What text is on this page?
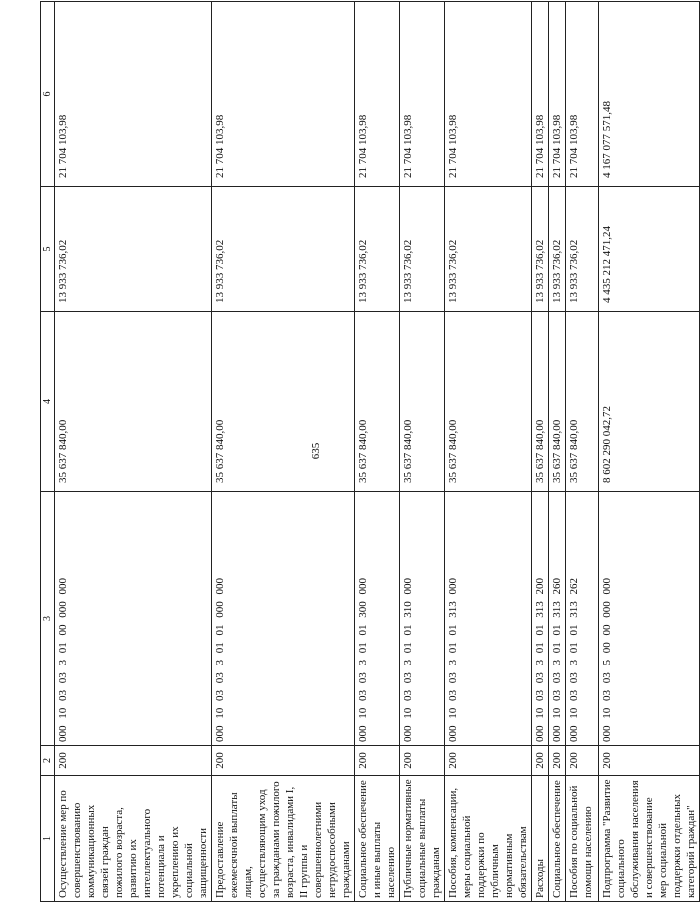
635
1	2	3	4	5	6
Осуществление мер по совершенствованию коммуникационных связей граждан пожилого возраста, развитию их интеллектуального потенциала и укреплению их социальной защищенности	200	000 10 03 03 3 01 00 000 000	35 637 840,00	13 933 736,02	21 704 103,98
Предоставление ежемесячной выплаты лицам, осуществляющим уход за гражданами пожилого возраста, инвалидами I, II группы и совершеннолетними нетрудоспособными гражданами	200	000 10 03 03 3 01 01 000 000	35 637 840,00	13 933 736,02	21 704 103,98
Социальное обеспечение и иные выплаты населению	200	000 10 03 03 3 01 01 300 000	35 637 840,00	13 933 736,02	21 704 103,98
Публичные нормативные социальные выплаты гражданам	200	000 10 03 03 3 01 01 310 000	35 637 840,00	13 933 736,02	21 704 103,98
Пособия, компенсации, меры социальной поддержки по публичным нормативным обязательствам	200	000 10 03 03 3 01 01 313 000	35 637 840,00	13 933 736,02	21 704 103,98
Расходы	200	000 10 03 03 3 01 01 313 200	35 637 840,00	13 933 736,02	21 704 103,98
Социальное обеспечение	200	000 10 03 03 3 01 01 313 260	35 637 840,00	13 933 736,02	21 704 103,98
Пособия по социальной помощи населению	200	000 10 03 03 3 01 01 313 262	35 637 840,00	13 933 736,02	21 704 103,98
Подпрограмма "Развитие социального обслуживания населения и совершенствование мер социальной поддержки отдельных категорий граждан"	200	000 10 03 03 5 00 00 000 000	8 602 290 042,72	4 435 212 471,24	4 167 077 571,48
